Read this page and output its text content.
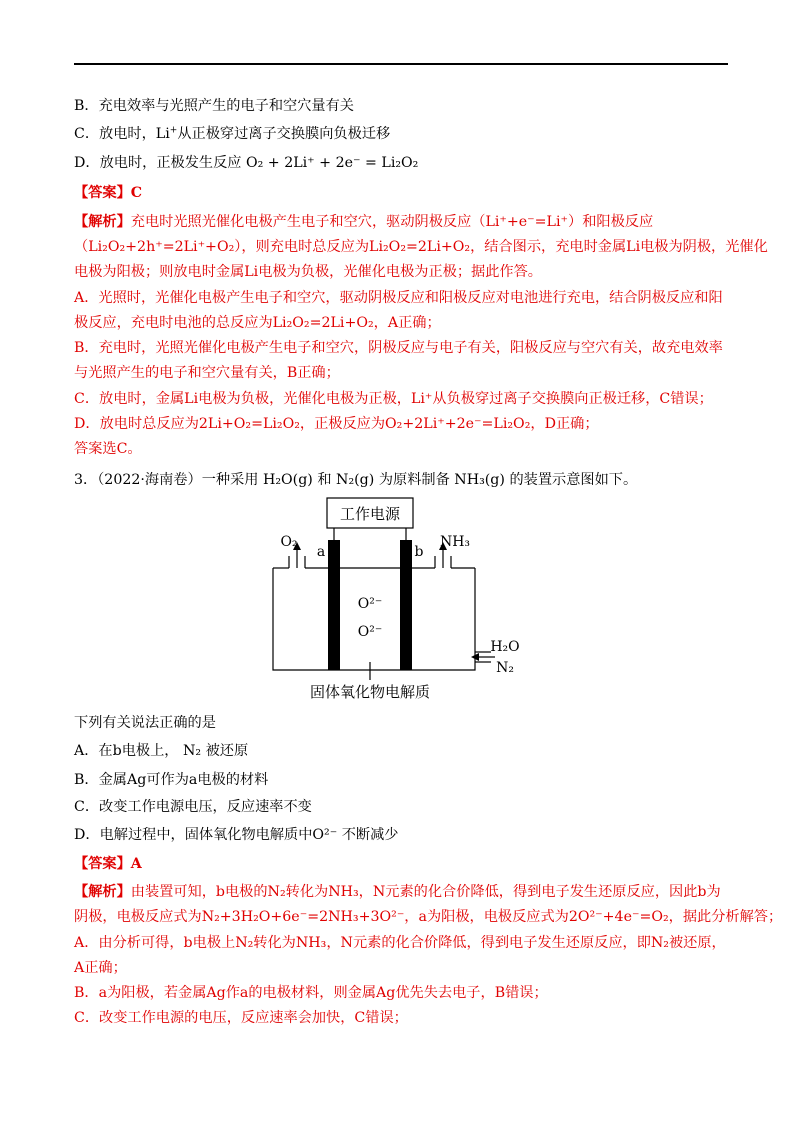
B．充电效率与光照产生的电子和空穴量有关
C．放电时，Li+从正极穿过离子交换膜向负极迁移
D．放电时，正极发生反应 O₂ + 2Li⁺ + 2e⁻ = Li₂O₂
【答案】C
【解析】充电时光照光催化电极产生电子和空穴，驱动阴极反应（Li⁺+e⁻=Li⁺）和阳极反应
（Li₂O₂+2h⁺=2Li⁺+O₂），则充电时总反应为Li₂O₂=2Li+O₂，结合图示，充电时金属Li电极为阴极，光催化
电极为阳极；则放电时金属Li电极为负极，光催化电极为正极；据此作答。
A．光照时，光催化电极产生电子和空穴，驱动阴极反应和阳极反应对电池进行充电，结合阴极反应和阳
极反应，充电时电池的总反应为Li₂O₂=2Li+O₂，A正确；
B．充电时，光照光催化电极产生电子和空穴，阴极反应与电子有关，阳极反应与空穴有关，故充电效率
与光照产生的电子和空穴量有关，B正确；
C．放电时，金属Li电极为负极，光催化电极为正极，Li⁺从负极穿过离子交换膜向正极迁移，C错误；
D．放电时总反应为2Li+O₂=Li₂O₂，正极反应为O₂+2Li⁺+2e⁻=Li₂O₂，D正确；
答案选C。
3．（2022·海南卷）一种采用 H₂O(g) 和 N₂(g) 为原料制备 NH₃(g) 的装置示意图如下。
工作电源
a	b
O₂	NH₃
O²⁻
O²⁻
H₂O
N₂
固体氧化物电解质
下列有关说法正确的是
A．在b电极上， N₂ 被还原
B．金属Ag可作为a电极的材料
C．改变工作电源电压，反应速率不变
D．电解过程中，固体氧化物电解质中O²⁻ 不断减少
【答案】A
【解析】由装置可知，b电极的N₂转化为NH₃，N元素的化合价降低，得到电子发生还原反应，因此b为
阴极，电极反应式为N₂+3H₂O+6e⁻=2NH₃+3O²⁻，a为阳极，电极反应式为2O²⁻+4e⁻=O₂，据此分析解答；
A．由分析可得，b电极上N₂转化为NH₃，N元素的化合价降低，得到电子发生还原反应，即N₂被还原，
A正确；
B．a为阳极，若金属Ag作a的电极材料，则金属Ag优先失去电子，B错误；
C．改变工作电源的电压，反应速率会加快，C错误；
